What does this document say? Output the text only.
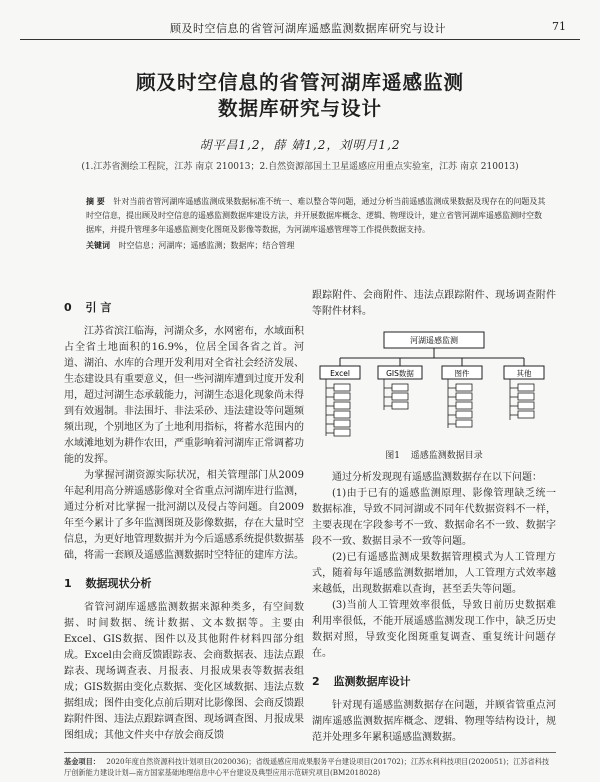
顾及时空信息的省管河湖库遥感监测数据库研究与设计	71
顾及时空信息的省管河湖库遥感监测
数据库研究与设计
胡平昌1,2，薛 婧1,2，刘明月1,2
(1.江苏省测绘工程院，江苏 南京 210013；2.自然资源部国土卫星遥感应用重点实验室，江苏 南京 210013)
摘 要 针对当前省管河湖库遥感监测成果数据标准不统一、难以整合等问题，通过分析当前遥感监测成果数据及现存在的问题及其时空信息，提出顾及时空信息的遥感监测数据库建设方法，并开展数据库概念、逻辑、物理设计，建立省管河湖库遥感监测时空数据库，并提升管理多年遥感监测变化图斑及影像等数据，为河湖库遥感管理等工作提供数据支持。
关键词 时空信息；河湖库；遥感监测；数据库；结合管理
0 引 言

江苏省滨江临海，河湖众多，水网密布，水域面积占全省土地面积的16.9%，位居全国各省之首。河道、湖泊、水库的合理开发利用对全省社会经济发展、生态建设具有重要意义，但一些河湖库遭到过度开发利用，超过河湖生态承载能力，河湖生态退化现象尚未得到有效遏制。非法围圩、非法采砂、违法建设等问题频频出现，个别地区为了土地利用指标，将蓄水范围内的水域滩地划为耕作农田，严重影响着河湖库正常调蓄功能的发挥。

为掌握河湖资源实际状况，相关管理部门从2009年起利用高分辨遥感影像对全省重点河湖库进行监测，通过分析对比掌握一批河湖以及侵占等问题。自2009年至今累计了多年监测图斑及影像数据，存在大量时空信息，为更好地管理数据并为今后遥感系统提供数据基础，将需一套顾及遥感监测数据时空特征的建库方法。

1 数据现状分析

省管河湖库遥感监测数据来源种类多，有空间数据、时间数据、统计数据、文本数据等。主要由Excel、GIS数据、图件以及其他附件材料四部分组成。Excel由会商反馈跟踪表、会商数据表、违法点跟踪表、现场调查表、月报表、月报成果表等数据表组成；GIS数据由变化点数据、变化区域数据、违法点数据组成；图件由变化点前后期对比影像图、会商反馈跟踪附件图、违法点跟踪调查图、现场调查图、月报成果图组成；其他文件夹中存放会商反馈

跟踪附件、会商附件、违法点跟踪附件、现场调查附件等附件材料。

河湖遥感监测
Excel	GIS数据	图件	其他
图1 遥感监测数据目录

通过分析发现现有遥感监测数据存在以下问题：

(1)由于已有的遥感监测原理、影像管理缺乏统一数据标准，导致不同河湖或不同年代数据资料不一样，主要表现在字段参考不一致、数据命名不一致、数据字段不一致、数据目录不一致等问题。

(2)已有遥感监测成果数据管理模式为人工管理方式，随着每年遥感监测数据增加，人工管理方式效率越来越低，出现数据难以查询，甚至丢失等问题。

(3)当前人工管理效率很低，导致日前历史数据难利用率很低，不能开展遥感监测发现工作中，缺乏历史数据对照，导致变化图斑重复调查、重复统计问题存在。

2 监测数据库设计

针对现有遥感监测数据存在问题，并顾省管重点河湖库遥感监测数据库概念、逻辑、物理等结构设计，规范并处理多年累积遥感监测数据。

基金项目： 2020年度自然资源科技计划项目(2020036)；省级遥感应用成果服务平台建设项目(201702)；江苏水利科技项目(2020051)；江苏省科技厅创新能力建设计划—南方国家基础地理信息中心平台建设及典型应用示范研究项目(BM2018028)
